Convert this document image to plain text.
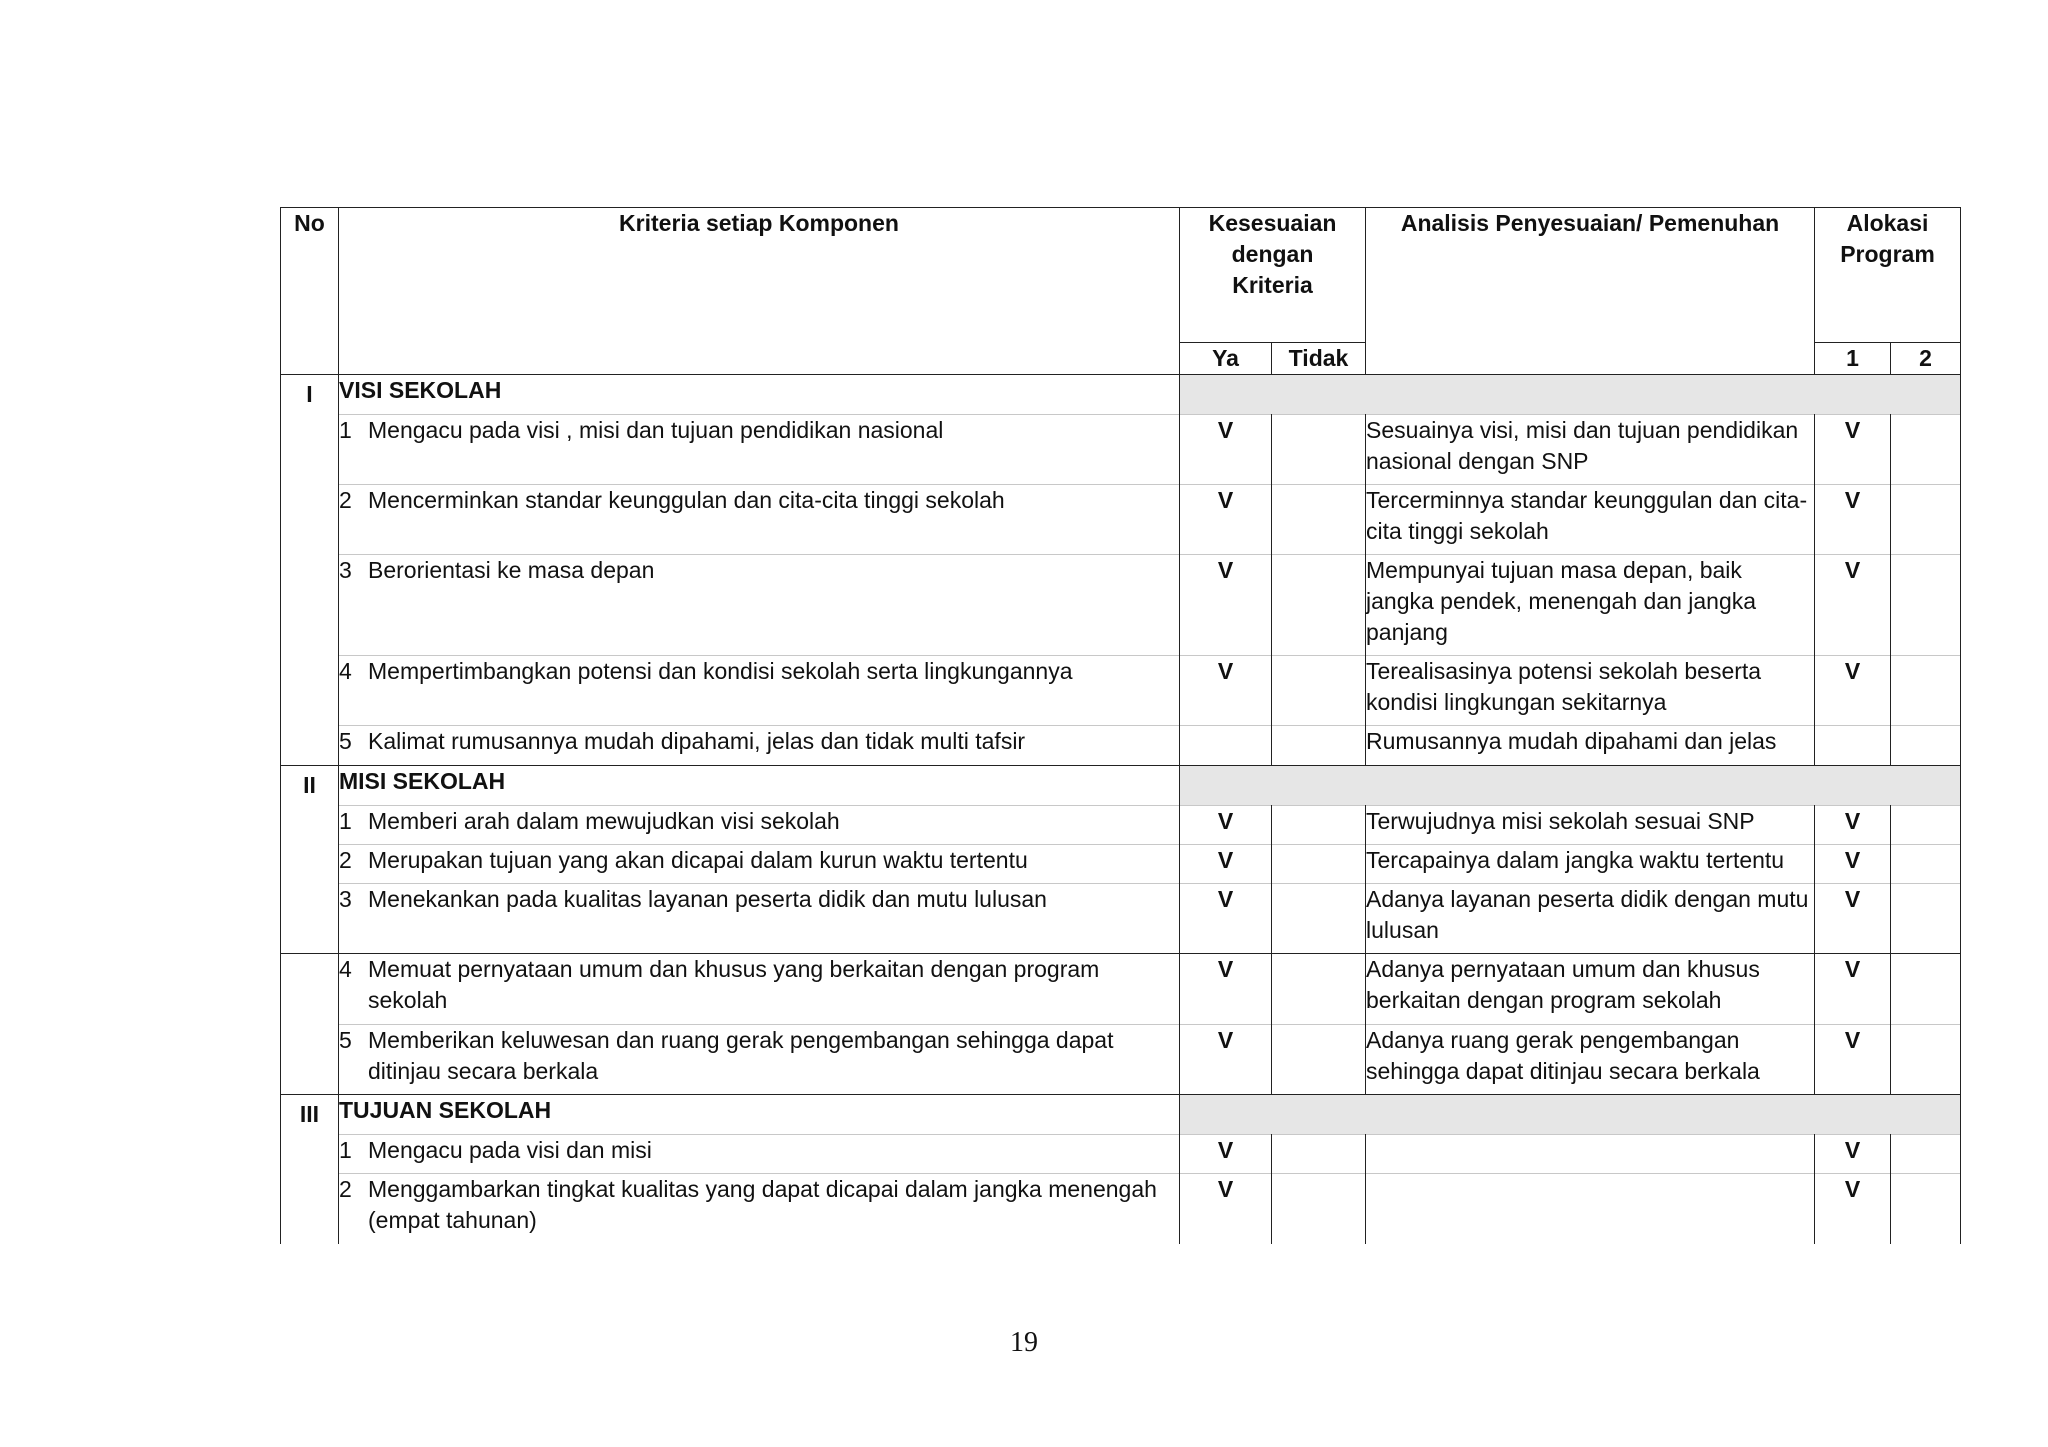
No	Kriteria setiap Komponen	Kesesuaian
dengan
Kriteria		Analisis Penyesuaian/ Pemenuhan	Alokasi
Program	
		Ya	Tidak		1	2
I	VISI SEKOLAH					

	1 Mengacu pada visi , misi dan tujuan pendidikan nasional	V		Sesuainya visi, misi dan tujuan pendidikan nasional dengan SNP	V	

	2 Mencerminkan standar keunggulan dan cita-cita tinggi sekolah	V		Tercerminnya standar keunggulan dan cita-cita tinggi sekolah	V	

	3 Berorientasi ke masa depan	V		Mempunyai tujuan masa depan, baik jangka pendek, menengah dan jangka panjang	V	

	4 Mempertimbangkan potensi dan kondisi sekolah serta lingkungannya	V		Terealisasinya potensi sekolah beserta kondisi lingkungan sekitarnya	V	

	5 Kalimat rumusannya mudah dipahami, jelas dan tidak multi tafsir			Rumusannya mudah dipahami dan jelas		
II	MISI SEKOLAH					

	1 Memberi arah dalam mewujudkan visi sekolah	V		Terwujudnya misi sekolah sesuai SNP	V	

	2 Merupakan tujuan yang akan dicapai dalam kurun waktu tertentu	V		Tercapainya dalam jangka waktu tertentu	V	

	3 Menekankan pada kualitas layanan peserta didik dan mutu lulusan	V		Adanya layanan peserta didik dengan mutu lulusan	V	

	4 Memuat pernyataan umum dan khusus yang berkaitan dengan program sekolah	V		Adanya pernyataan umum dan khusus berkaitan dengan program sekolah	V	

	5 Memberikan keluwesan dan ruang gerak pengembangan sehingga dapat ditinjau secara berkala	V		Adanya ruang gerak pengembangan sehingga dapat ditinjau secara berkala	V	
III	TUJUAN SEKOLAH					

	1 Mengacu pada visi dan misi	V			V	

	2 Menggambarkan tingkat kualitas yang dapat dicapai dalam jangka menengah (empat tahunan)	V			V	
19
